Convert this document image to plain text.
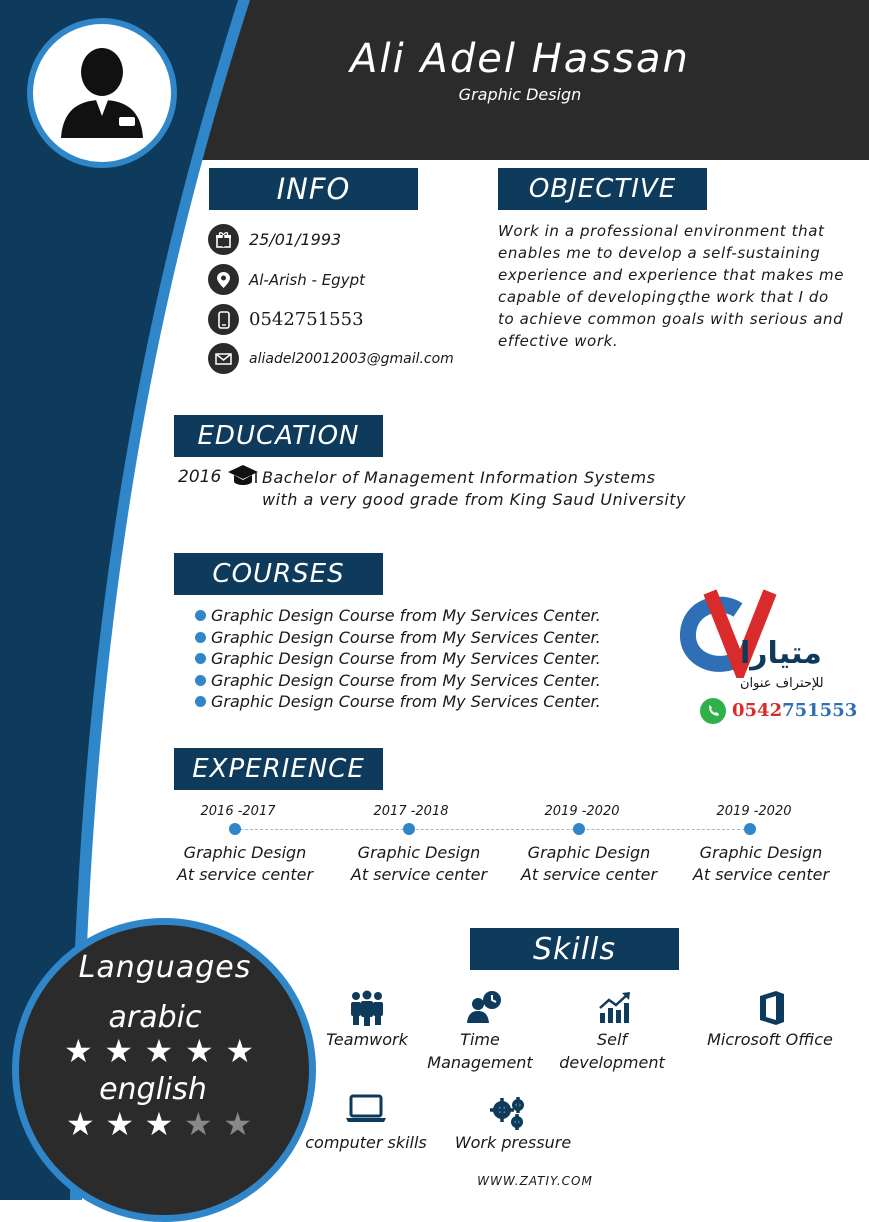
Ali Adel Hassan
Graphic Design
INFO
25/01/1993
Al-Arish - Egypt
0542751553
aliadel20012003@gmail.com
OBJECTIVE
Work in a professional environment that
enables me to develop a self-sustaining
experience and experience that makes me
capable of developingꞔthe work that I do
to achieve common goals with serious and
effective work.
EDUCATION
2016	Bachelor of Management Information Systems
with a very good grade from King Saud University
COURSES
Graphic Design Course from My Services Center.
Graphic Design Course from My Services Center.
Graphic Design Course from My Services Center.
Graphic Design Course from My Services Center.
Graphic Design Course from My Services Center.
متيارا
للإحتراف عنوان
0542751553
EXPERIENCE
2016 -2017
Graphic Design
At service center
2017 -2018
Graphic Design
At service center
2019 -2020
Graphic Design
At service center
2019 -2020
Graphic Design
At service center
Languages
arabic
★ ★ ★ ★ ★
english
★ ★ ★ ★ ★
Skills
Teamwork	Time
Management
Self
development
Microsoft Office
computer skills	Work pressure
WWW.ZATIY.COM
